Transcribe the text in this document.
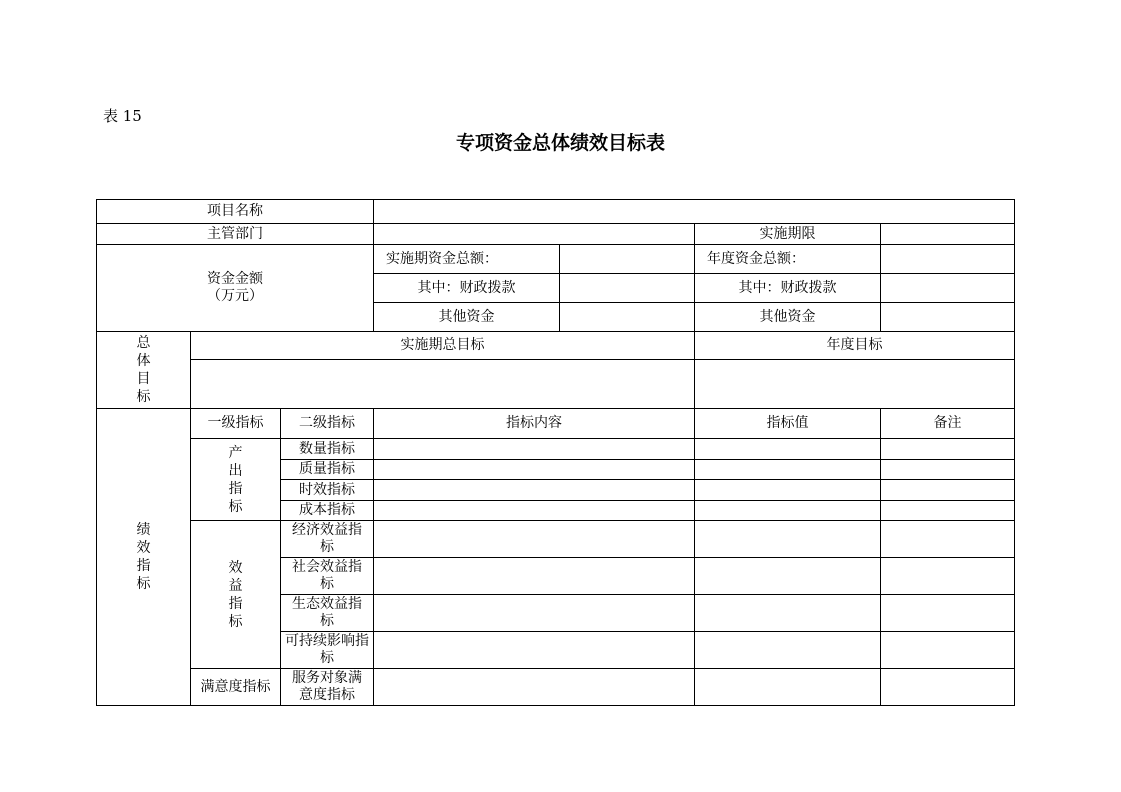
表 15
专项资金总体绩效目标表
项目名称						
主管部门					实施期限	

资金金额
（万元）			实施期资金总额：		年度资金总额：	
			其中：财政拨款		其中：财政拨款	
			其他资金		其他资金	

总体目标	实施期总目标				年度目标	

绩效指标	一级指标	二级指标	指标内容		指标值	备注

	产出指标	数量指标				
		质量指标				
		时效指标				
		成本指标				

	效益指标	经济效益指标				

		社会效益指标				

		生态效益指标				

		可持续影响指标				

	满意度指标	服务对象满意度指标				
